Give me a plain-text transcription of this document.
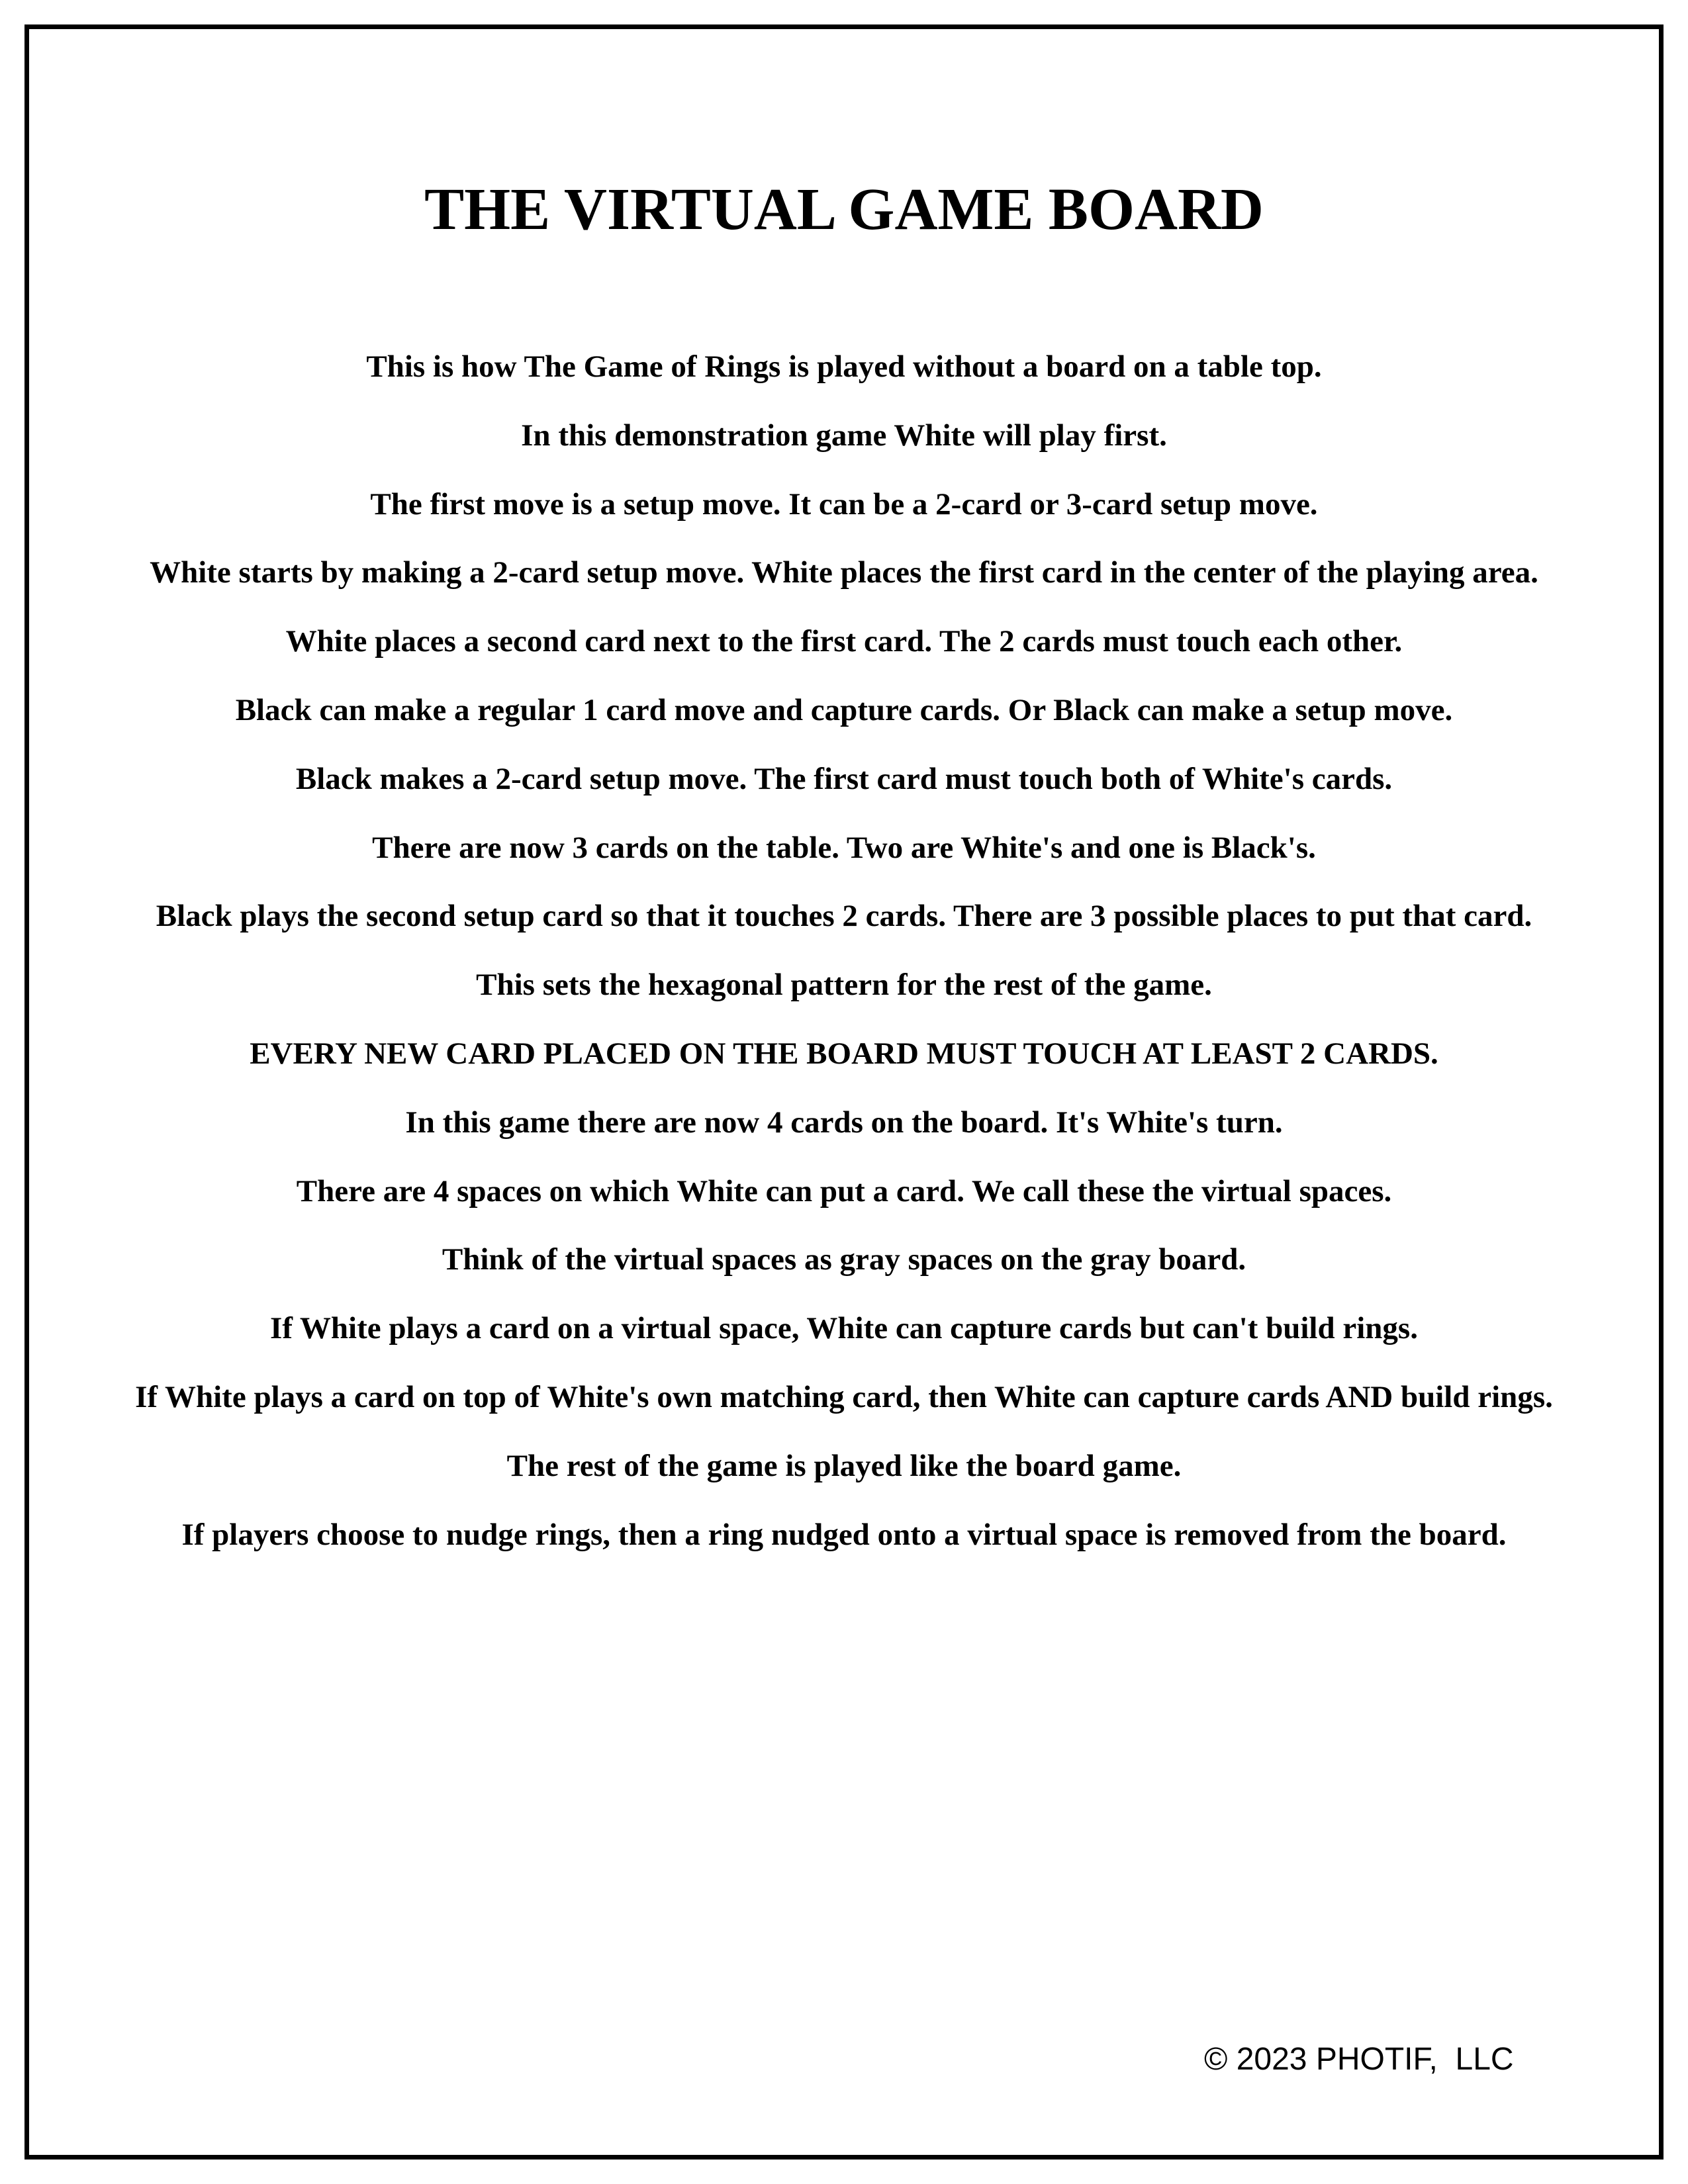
THE VIRTUAL GAME BOARD
This is how The Game of Rings is played without a board on a table top.
In this demonstration game White will play first.
The first move is a setup move. It can be a 2-card or 3-card setup move.
White starts by making a 2-card setup move. White places the first card in the center of the playing area.
White places a second card next to the first card. The 2 cards must touch each other.
Black can make a regular 1 card move and capture cards. Or Black can make a setup move.
Black makes a 2-card setup move. The first card must touch both of White's cards.
There are now 3 cards on the table. Two are White's and one is Black's.
Black plays the second setup card so that it touches 2 cards. There are 3 possible places to put that card.
This sets the hexagonal pattern for the rest of the game.
EVERY NEW CARD PLACED ON THE BOARD MUST TOUCH AT LEAST 2 CARDS.
In this game there are now 4 cards on the board. It's White's turn.
There are 4 spaces on which White can put a card. We call these the virtual spaces.
Think of the virtual spaces as gray spaces on the gray board.
If White plays a card on a virtual space, White can capture cards but can't build rings.
If White plays a card on top of White's own matching card, then White can capture cards AND build rings.
The rest of the game is played like the board game.
If players choose to nudge rings, then a ring nudged onto a virtual space is removed from the board.
© 2023 PHOTIF,  LLC
